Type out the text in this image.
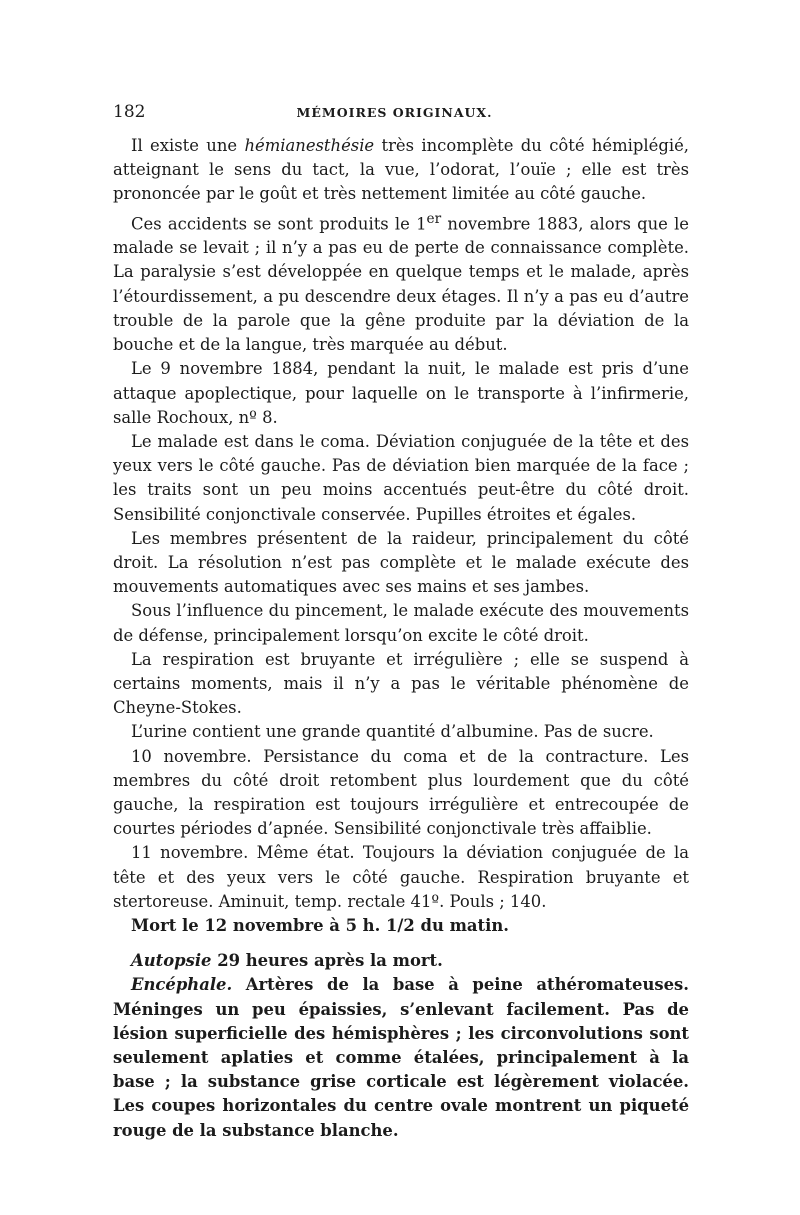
182	MÉMOIRES ORIGINAUX.

Il existe une hémianesthésie très incomplète du côté hémiplégié, atteignant le sens du tact, la vue, l’odorat, l’ouïe ; elle est très prononcée par le goût et très nettement limitée au côté gauche.

Ces accidents se sont produits le 1er novembre 1883, alors que le malade se levait ; il n’y a pas eu de perte de connaissance complète. La paralysie s’est développée en quelque temps et le malade, après l’étourdissement, a pu descendre deux étages. Il n’y a pas eu d’autre trouble de la parole que la gêne produite par la déviation de la bouche et de la langue, très marquée au début.

Le 9 novembre 1884, pendant la nuit, le malade est pris d’une attaque apoplectique, pour laquelle on le transporte à l’infirmerie, salle Rochoux, nº 8.

Le malade est dans le coma. Déviation conjuguée de la tête et des yeux vers le côté gauche. Pas de déviation bien marquée de la face ; les traits sont un peu moins accentués peut-être du côté droit. Sensibilité conjonctivale conservée. Pupilles étroites et égales.

Les membres présentent de la raideur, principalement du côté droit. La résolution n’est pas complète et le malade exécute des mouvements automatiques avec ses mains et ses jambes.

Sous l’influence du pincement, le malade exécute des mouvements de défense, principalement lorsqu’on excite le côté droit.

La respiration est bruyante et irrégulière ; elle se suspend à certains moments, mais il n’y a pas le véritable phénomène de Cheyne-Stokes.

L’urine contient une grande quantité d’albumine. Pas de sucre.

10 novembre. Persistance du coma et de la contracture. Les membres du côté droit retombent plus lourdement que du côté gauche, la respiration est toujours irrégulière et entrecoupée de courtes périodes d’apnée. Sensibilité conjonctivale très affaiblie.

11 novembre. Même état. Toujours la déviation conjuguée de la tête et des yeux vers le côté gauche. Respiration bruyante et stertoreuse. Aminuit, temp. rectale 41º. Pouls ; 140.

Mort le 12 novembre à 5 h. 1/2 du matin.

Autopsie 29 heures après la mort.

Encéphale. Artères de la base à peine athéromateuses. Méninges un peu épaissies, s’enlevant facilement. Pas de lésion superficielle des hémisphères ; les circonvolutions sont seulement aplaties et comme étalées, principalement à la base ; la substance grise corticale est légèrement violacée. Les coupes horizontales du centre ovale montrent un piqueté rouge de la substance blanche.
